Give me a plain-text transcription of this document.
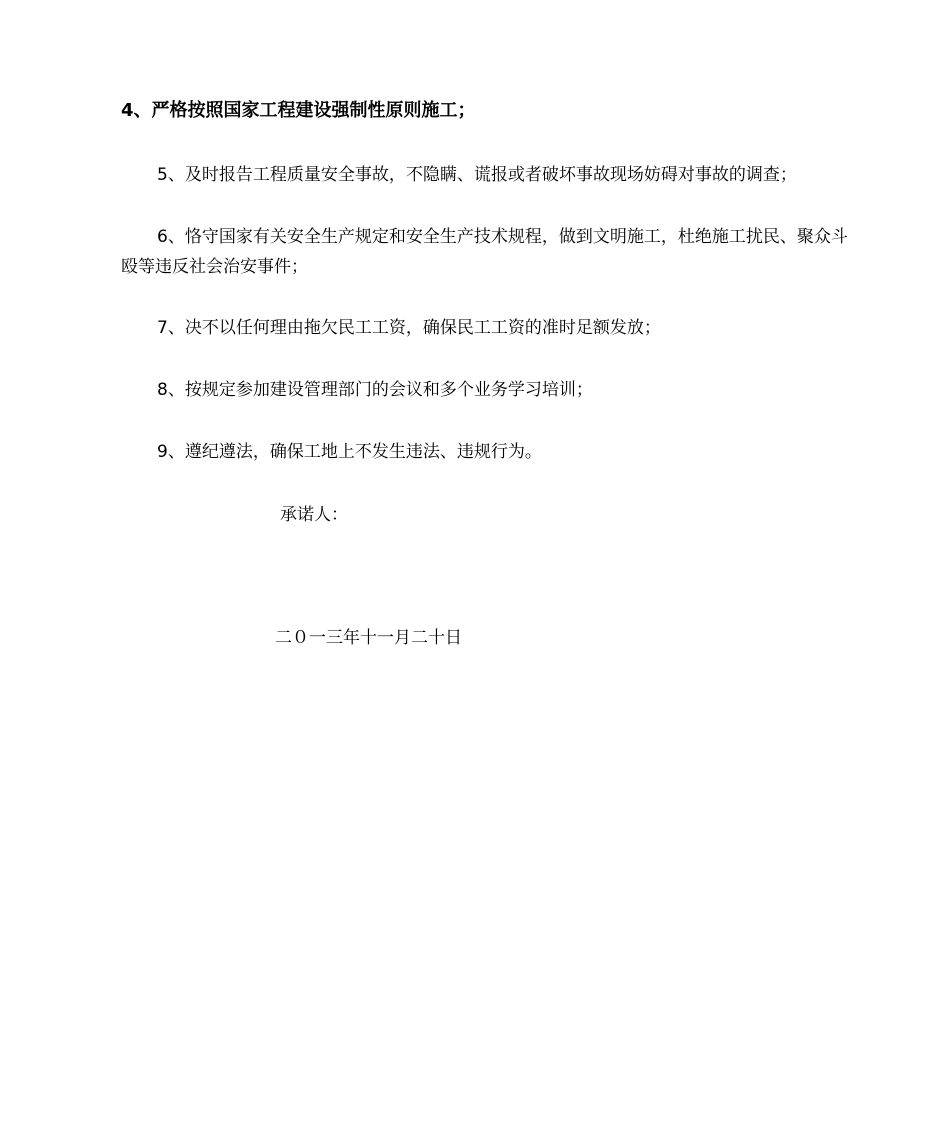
4、严格按照国家工程建设强制性原则施工；
5、及时报告工程质量安全事故，不隐瞒、谎报或者破坏事故现场妨碍对事故的调查；
6、恪守国家有关安全生产规定和安全生产技术规程，做到文明施工，杜绝施工扰民、聚众斗殴等违反社会治安事件；
7、决不以任何理由拖欠民工工资，确保民工工资的准时足额发放；
8、按规定参加建设管理部门的会议和多个业务学习培训；
9、遵纪遵法，确保工地上不发生违法、违规行为。
承诺人：
二０一三年十一月二十日
